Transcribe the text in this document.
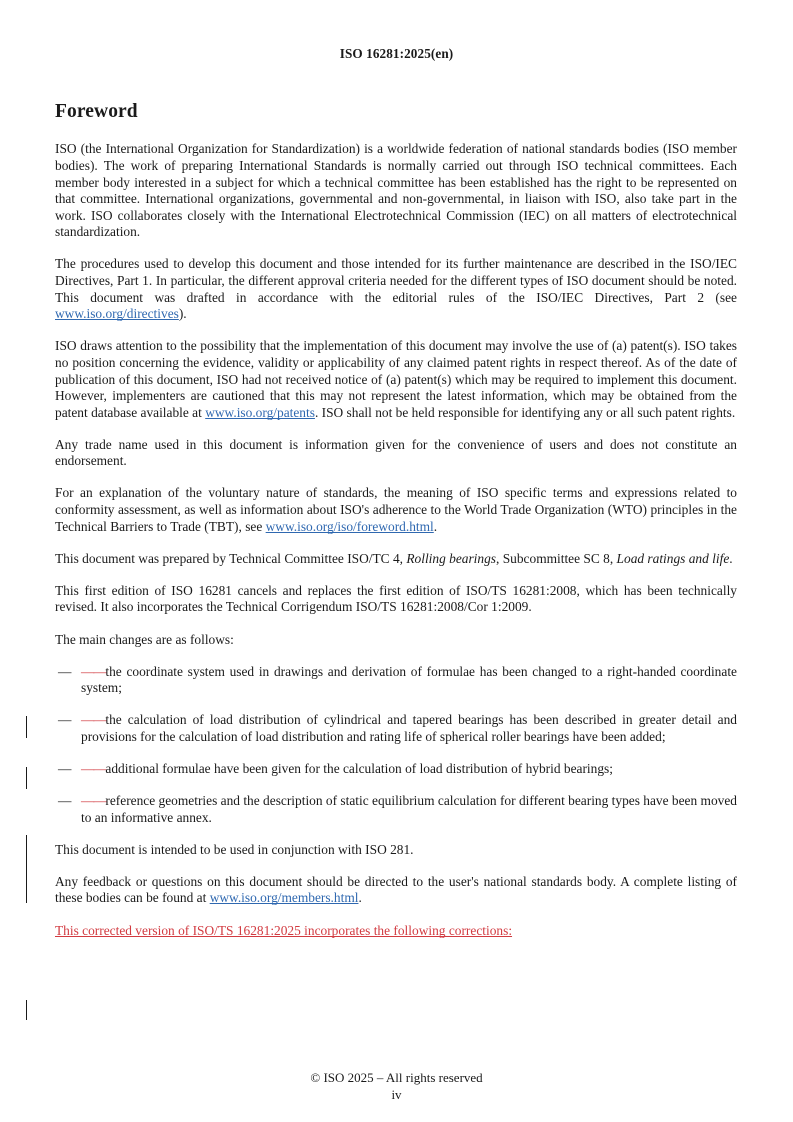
ISO 16281:2025(en)
Foreword

ISO (the International Organization for Standardization) is a worldwide federation of national standards bodies (ISO member bodies). The work of preparing International Standards is normally carried out through ISO technical committees. Each member body interested in a subject for which a technical committee has been established has the right to be represented on that committee. International organizations, governmental and non-governmental, in liaison with ISO, also take part in the work. ISO collaborates closely with the International Electrotechnical Commission (IEC) on all matters of electrotechnical standardization.

The procedures used to develop this document and those intended for its further maintenance are described in the ISO/IEC Directives, Part 1. In particular, the different approval criteria needed for the different types of ISO document should be noted. This document was drafted in accordance with the editorial rules of the ISO/IEC Directives, Part 2 (see www.iso.org/directives).

ISO draws attention to the possibility that the implementation of this document may involve the use of (a) patent(s). ISO takes no position concerning the evidence, validity or applicability of any claimed patent rights in respect thereof. As of the date of publication of this document, ISO had not received notice of (a) patent(s) which may be required to implement this document. However, implementers are cautioned that this may not represent the latest information, which may be obtained from the patent database available at www.iso.org/patents. ISO shall not be held responsible for identifying any or all such patent rights.

Any trade name used in this document is information given for the convenience of users and does not constitute an endorsement.

For an explanation of the voluntary nature of standards, the meaning of ISO specific terms and expressions related to conformity assessment, as well as information about ISO's adherence to the World Trade Organization (WTO) principles in the Technical Barriers to Trade (TBT), see www.iso.org/iso/foreword.html.

This document was prepared by Technical Committee ISO/TC 4, Rolling bearings, Subcommittee SC 8, Load ratings and life.

This first edition of ISO 16281 cancels and replaces the first edition of ISO/TS 16281:2008, which has been technically revised. It also incorporates the Technical Corrigendum ISO/TS 16281:2008/Cor 1:2009.

The main changes are as follows:

— ——the coordinate system used in drawings and derivation of formulae has been changed to a right-handed coordinate system;
— ——the calculation of load distribution of cylindrical and tapered bearings has been described in greater detail and provisions for the calculation of load distribution and rating life of spherical roller bearings have been added;
— ——additional formulae have been given for the calculation of load distribution of hybrid bearings;
— ——reference geometries and the description of static equilibrium calculation for different bearing types have been moved to an informative annex.

This document is intended to be used in conjunction with ISO 281.

Any feedback or questions on this document should be directed to the user's national standards body. A complete listing of these bodies can be found at www.iso.org/members.html.

This corrected version of ISO/TS 16281:2025 incorporates the following corrections:

© ISO 2025 – All rights reserved
iv
